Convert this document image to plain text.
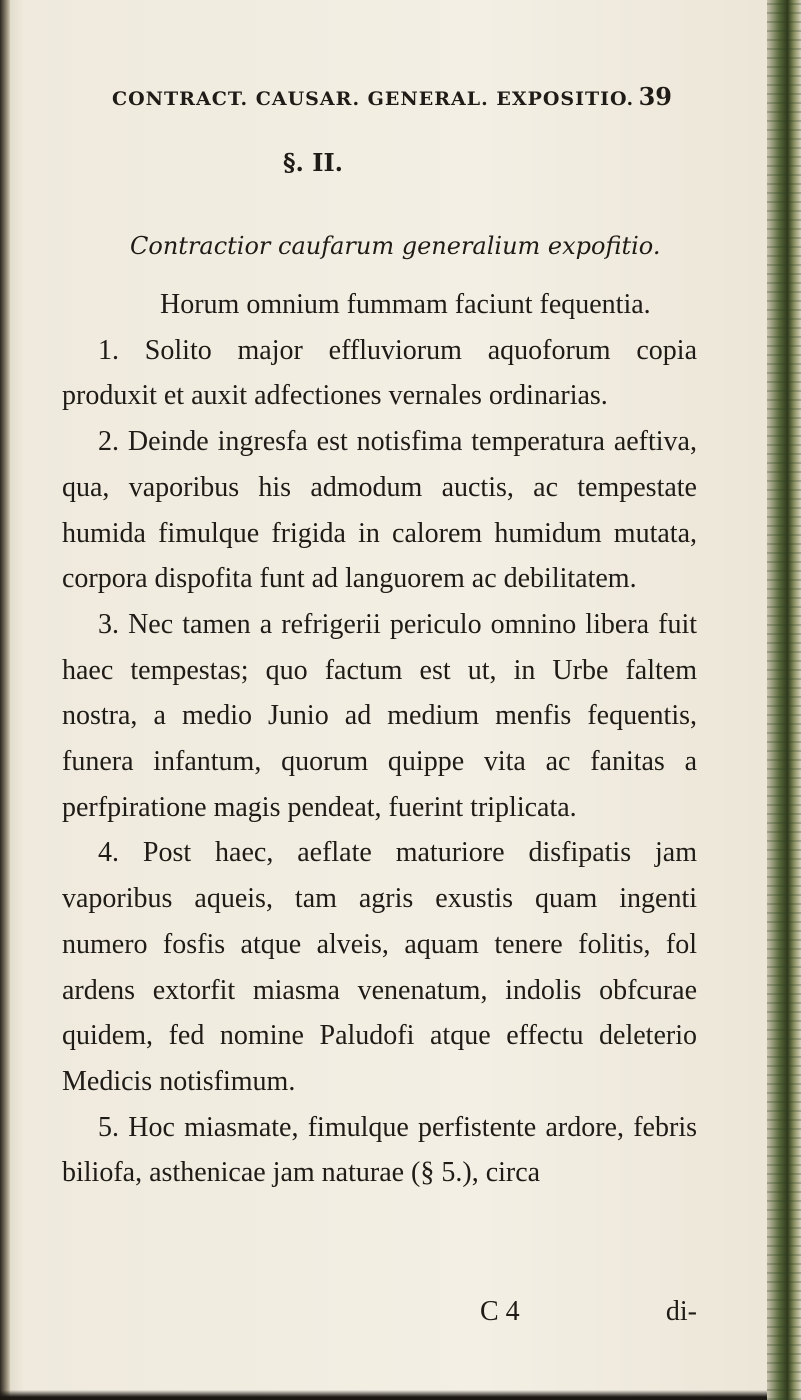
CONTRACT. CAUSAR. GENERAL. EXPOSITIO. 39
§. II.
Contractior caufarum generalium expofitio.

Horum omnium fummam faciunt fequentia.

1. Solito major effluviorum aquoforum copia produxit et auxit adfectiones vernales ordinarias.

2. Deinde ingresfa est notisfima temperatura aeftiva, qua, vaporibus his admodum auctis, ac tempestate humida fimulque frigida in calorem humidum mutata, corpora dispofita funt ad languorem ac debilitatem.

3. Nec tamen a refrigerii periculo omnino libera fuit haec tempestas; quo factum est ut, in Urbe faltem nostra, a medio Junio ad medium menfis fequentis, funera infantum, quorum quippe vita ac fanitas a perfpiratione magis pendeat, fuerint triplicata.

4. Post haec, aeflate maturiore disfipatis jam vaporibus aqueis, tam agris exustis quam ingenti numero fosfis atque alveis, aquam tenere folitis, fol ardens extorfit miasma venenatum, indolis obfcurae quidem, fed nomine Paludofi atque effectu deleterio Medicis notisfimum.

5. Hoc miasmate, fimulque perfistente ardore, febris biliofa, asthenicae jam naturae (§ 5.), circa

C 4	di-
